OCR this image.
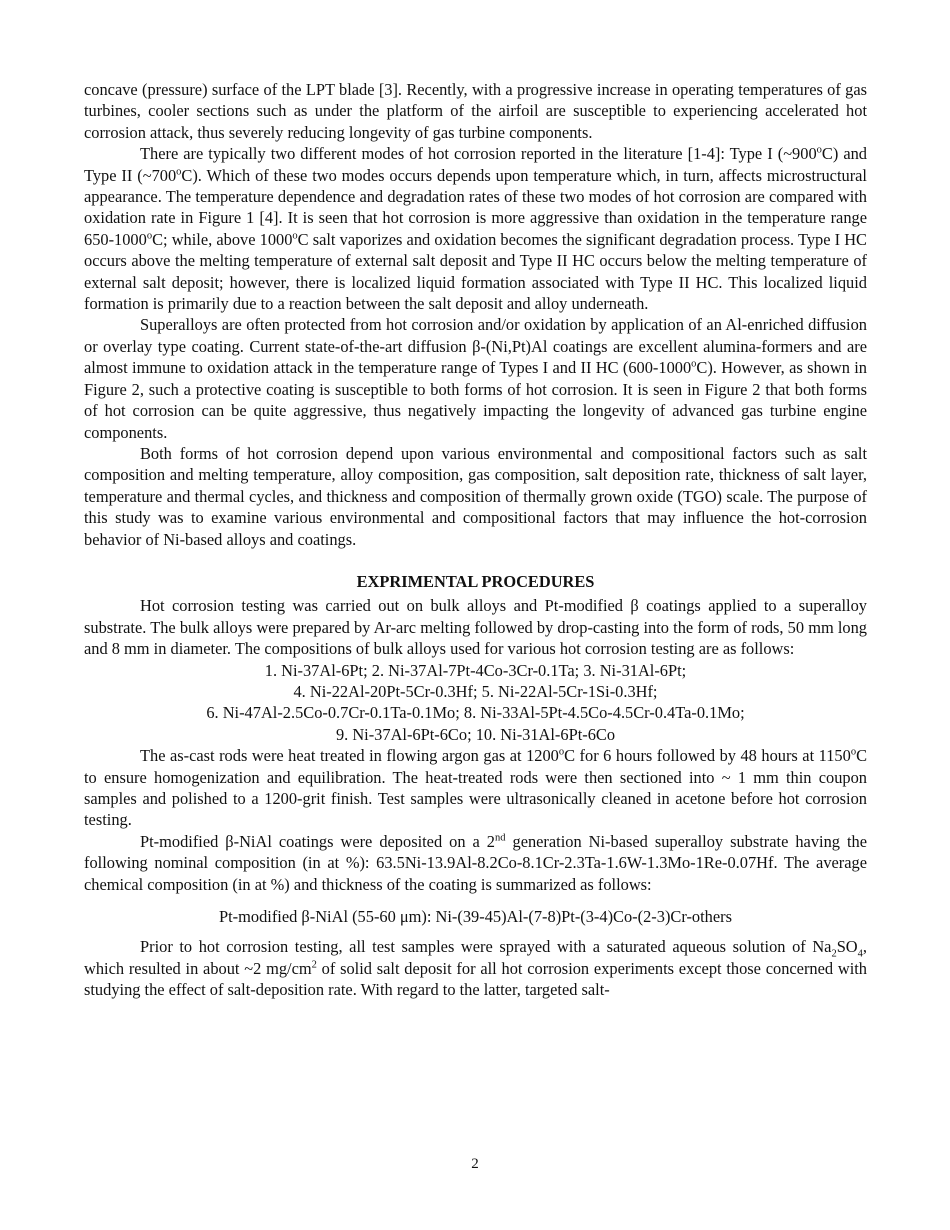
concave (pressure) surface of the LPT blade [3]. Recently, with a progressive increase in operating temperatures of gas turbines, cooler sections such as under the platform of the airfoil are susceptible to experiencing accelerated hot corrosion attack, thus severely reducing longevity of gas turbine components.

There are typically two different modes of hot corrosion reported in the literature [1-4]: Type I (~900$^o$C) and Type II (~700$^o$C). Which of these two modes occurs depends upon temperature which, in turn, affects microstructural appearance. The temperature dependence and degradation rates of these two modes of hot corrosion are compared with oxidation rate in Figure 1 [4]. It is seen that hot corrosion is more aggressive than oxidation in the temperature range 650-1000$^o$C; while, above 1000$^o$C salt vaporizes and oxidation becomes the significant degradation process. Type I HC occurs above the melting temperature of external salt deposit and Type II HC occurs below the melting temperature of external salt deposit; however, there is localized liquid formation associated with Type II HC. This localized liquid formation is primarily due to a reaction between the salt deposit and alloy underneath.

Superalloys are often protected from hot corrosion and/or oxidation by application of an Al-enriched diffusion or overlay type coating. Current state-of-the-art diffusion β-(Ni,Pt)Al coatings are excellent alumina-formers and are almost immune to oxidation attack in the temperature range of Types I and II HC (600-1000$^o$C). However, as shown in Figure 2, such a protective coating is susceptible to both forms of hot corrosion. It is seen in Figure 2 that both forms of hot corrosion can be quite aggressive, thus negatively impacting the longevity of advanced gas turbine engine components.

Both forms of hot corrosion depend upon various environmental and compositional factors such as salt composition and melting temperature, alloy composition, gas composition, salt deposition rate, thickness of salt layer, temperature and thermal cycles, and thickness and composition of thermally grown oxide (TGO) scale. The purpose of this study was to examine various environmental and compositional factors that may influence the hot-corrosion behavior of Ni-based alloys and coatings.

EXPRIMENTAL PROCEDURES

Hot corrosion testing was carried out on bulk alloys and Pt-modified β coatings applied to a superalloy substrate. The bulk alloys were prepared by Ar-arc melting followed by drop-casting into the form of rods, 50 mm long and 8 mm in diameter. The compositions of bulk alloys used for various hot corrosion testing are as follows:

1. Ni-37Al-6Pt; 2. Ni-37Al-7Pt-4Co-3Cr-0.1Ta; 3. Ni-31Al-6Pt;

4. Ni-22Al-20Pt-5Cr-0.3Hf; 5. Ni-22Al-5Cr-1Si-0.3Hf;

6. Ni-47Al-2.5Co-0.7Cr-0.1Ta-0.1Mo; 8. Ni-33Al-5Pt-4.5Co-4.5Cr-0.4Ta-0.1Mo;

9. Ni-37Al-6Pt-6Co; 10. Ni-31Al-6Pt-6Co

The as-cast rods were heat treated in flowing argon gas at 1200$^o$C for 6 hours followed by 48 hours at 1150$^o$C to ensure homogenization and equilibration. The heat-treated rods were then sectioned into ~ 1 mm thin coupon samples and polished to a 1200-grit finish. Test samples were ultrasonically cleaned in acetone before hot corrosion testing.

Pt-modified β-NiAl coatings were deposited on a 2nd generation Ni-based superalloy substrate having the following nominal composition (in at %): 63.5Ni-13.9Al-8.2Co-8.1Cr-2.3Ta-1.6W-1.3Mo-1Re-0.07Hf. The average chemical composition (in at %) and thickness of the coating is summarized as follows:

Pt-modified β-NiAl (55-60 μm): Ni-(39-45)Al-(7-8)Pt-(3-4)Co-(2-3)Cr-others

Prior to hot corrosion testing, all test samples were sprayed with a saturated aqueous solution of $Na_2SO_4$, which resulted in about ~2 $mg/cm^2$ of solid salt deposit for all hot corrosion experiments except those concerned with studying the effect of salt-deposition rate. With regard to the latter, targeted salt-

2
